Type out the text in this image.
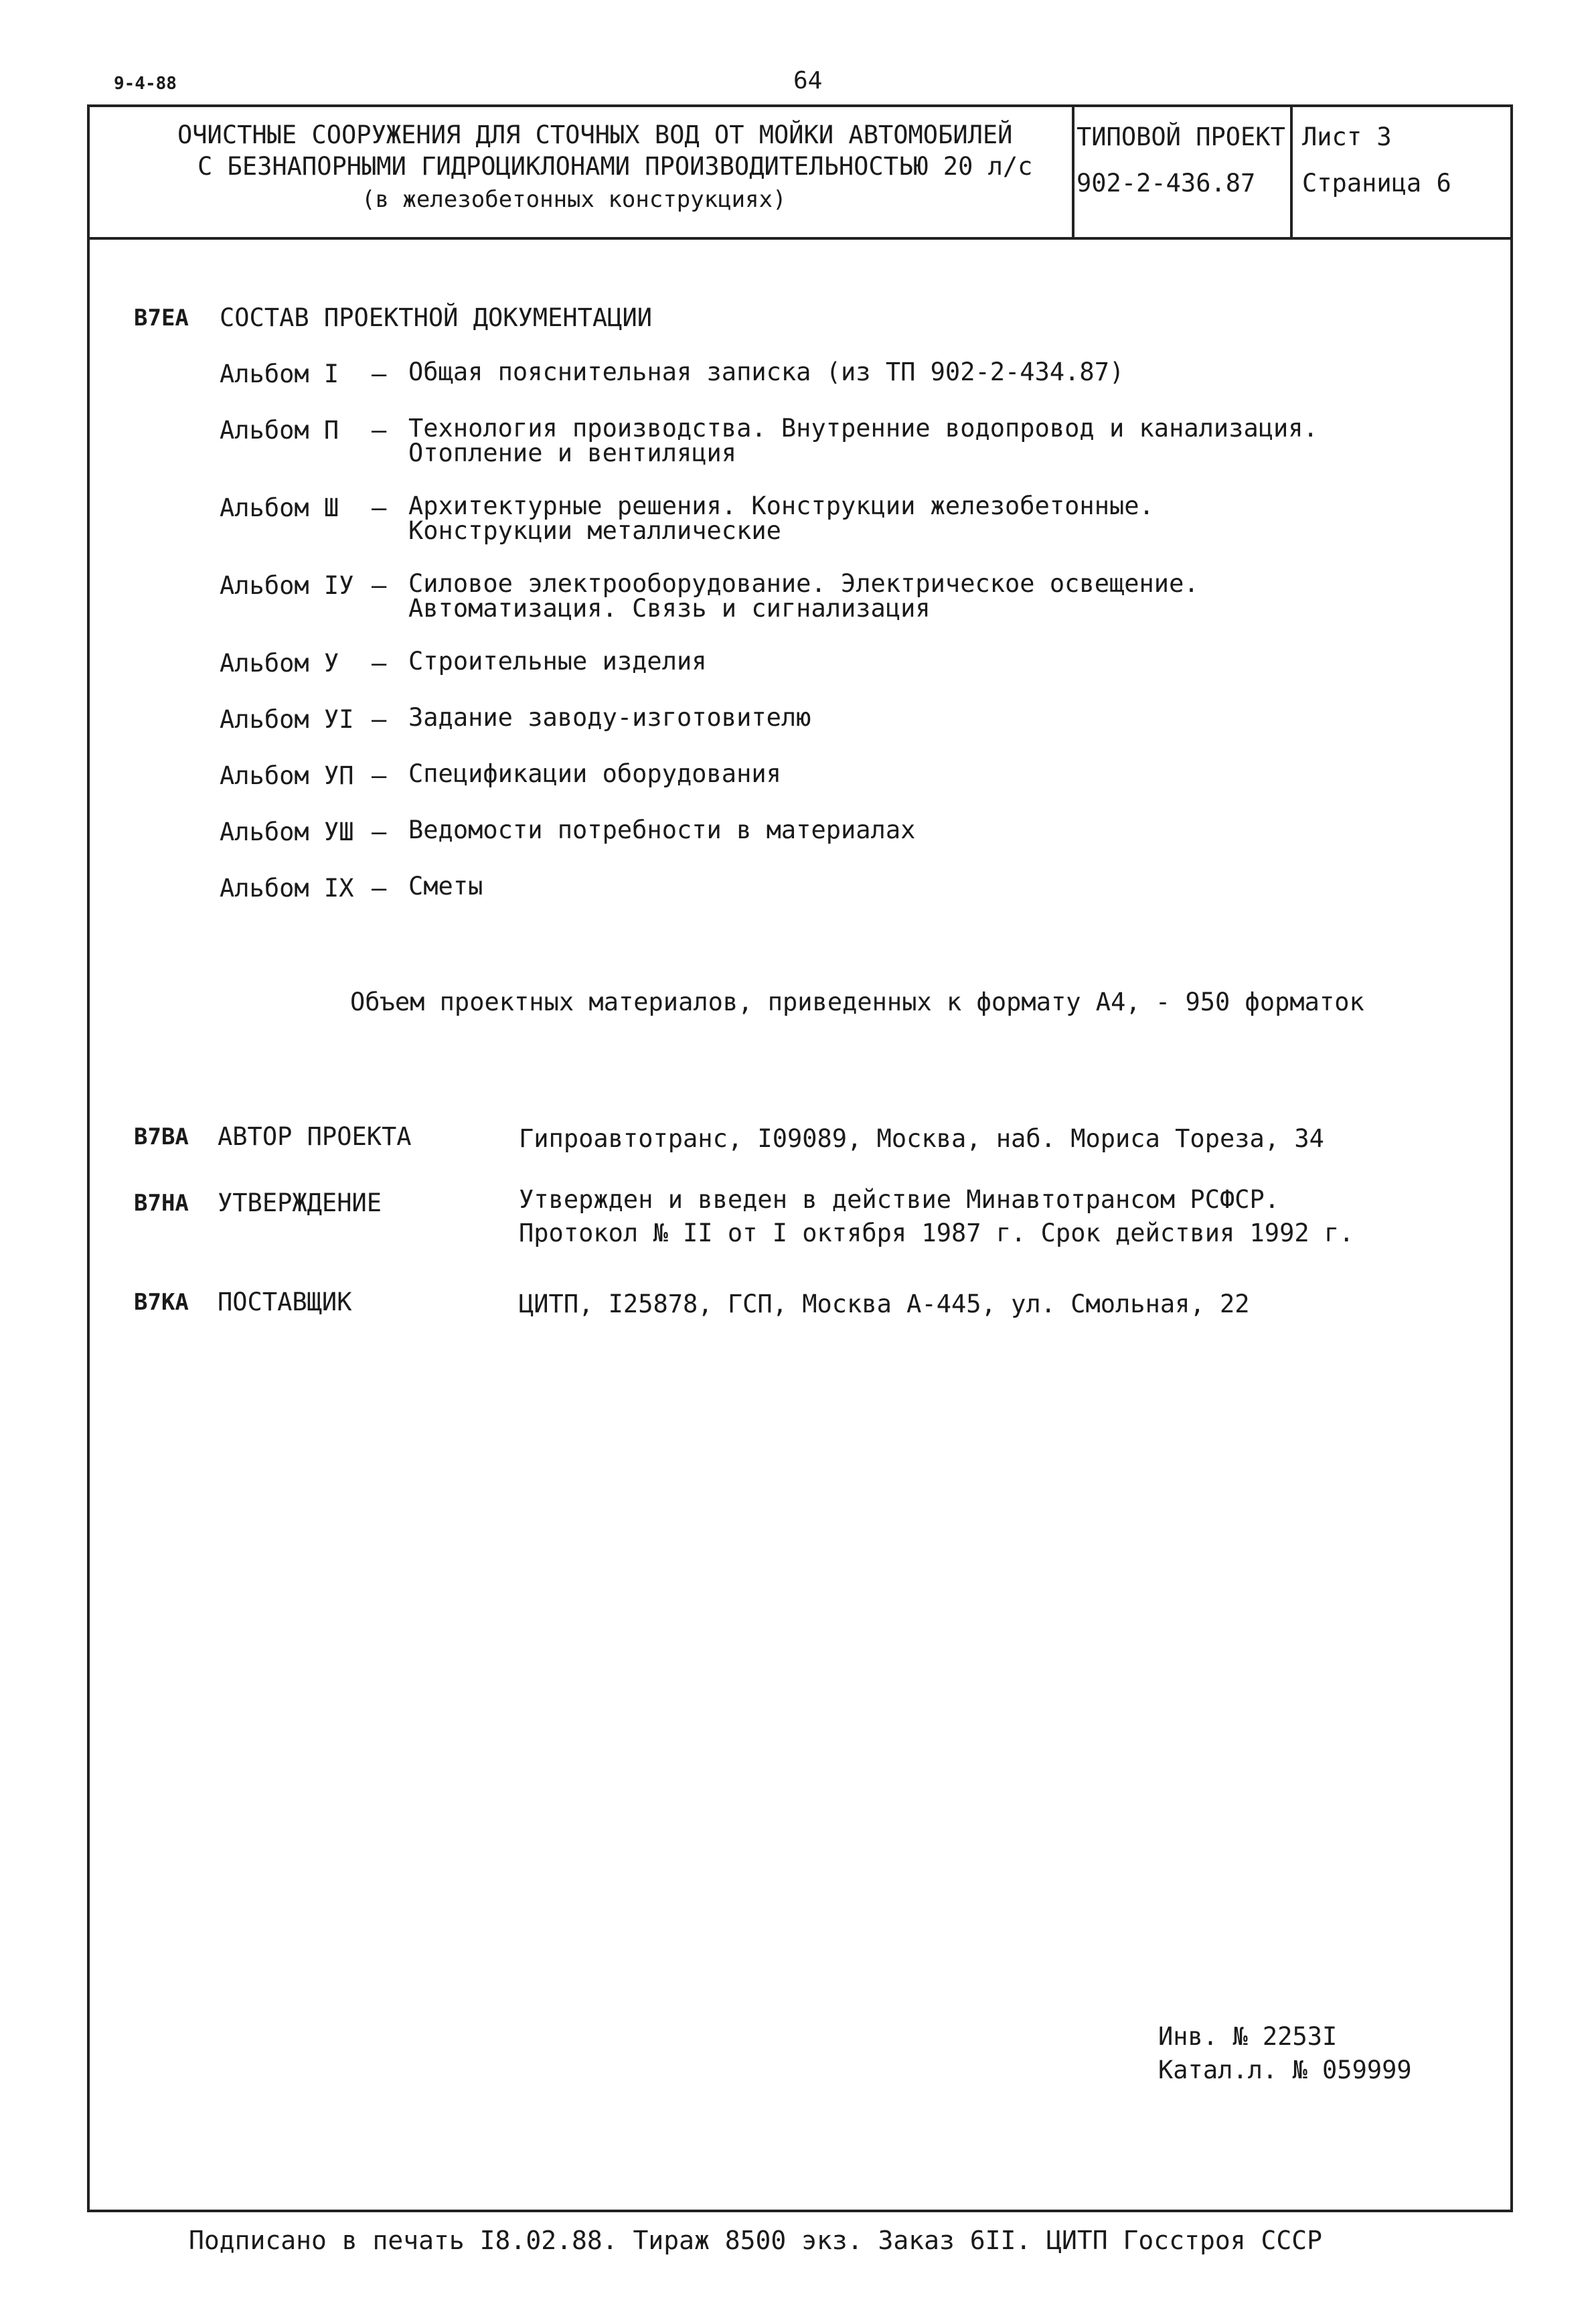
9-4-88	64
ОЧИСТНЫЕ СООРУЖЕНИЯ ДЛЯ СТОЧНЫХ ВОД ОТ МОЙКИ АВТОМОБИЛЕЙ
С БЕЗНАПОРНЫМИ ГИДРОЦИКЛОНАМИ ПРОИЗВОДИТЕЛЬНОСТЬЮ 20 л/с
(в железобетонных конструкциях)
ТИПОВОЙ ПРОЕКТ
902-2-436.87
Лист 3
Страница 6
В7ЕА СОСТАВ ПРОЕКТНОЙ ДОКУМЕНТАЦИИ
Альбом I – Общая пояснительная записка (из ТП 902-2-434.87)
Альбом П – Технология производства. Внутренние водопровод и канализация.
Отопление и вентиляция
Альбом Ш – Архитектурные решения. Конструкции железобетонные.
Конструкции металлические
Альбом IУ – Силовое электрооборудование. Электрическое освещение.
Автоматизация. Связь и сигнализация
Альбом У – Строительные изделия
Альбом УI – Задание заводу-изготовителю
Альбом УП – Спецификации оборудования
Альбом УШ – Ведомости потребности в материалах
Альбом IX – Сметы
Объем проектных материалов, приведенных к формату А4, - 950 форматок
В7ВА АВТОР ПРОЕКТА	Гипроавтотранс, I09089, Москва, наб. Мориса Тореза, 34
В7НА УТВЕРЖДЕНИЕ	Утвержден и введен в действие Минавтотрансом РСФСР.
Протокол № II от I октября 1987 г. Срок действия 1992 г.
В7КА ПОСТАВЩИК	ЦИТП, I25878, ГСП, Москва А-445, ул. Смольная, 22
Инв. № 2253I
Катал.л. № 059999
Подписано в печать I8.02.88. Тираж 8500 экз. Заказ 6II. ЦИТП Госстроя СССР
